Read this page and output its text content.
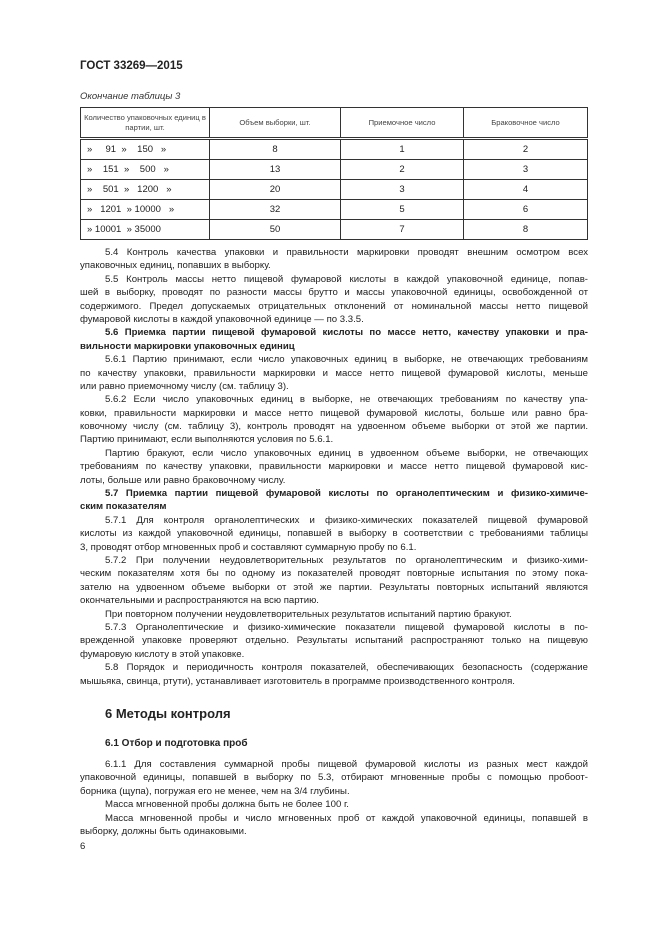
ГОСТ 33269—2015
Окончание таблицы 3
Количество упаковочных единиц в партии, шт.	Объем выборки, шт.	Приемочное число	Браковочное число
»     91  »    150   »	8	1	2
»    151  »    500   »	13	2	3
»    501  »   1200   »	20	3	4
»   1201  » 10000   »	32	5	6
» 10001  » 35000	50	7	8
5.4 Контроль качества упаковки и правильности маркировки проводят внешним осмотром всех
упаковочных единиц, попавших в выборку.
5.5 Контроль массы нетто пищевой фумаровой кислоты в каждой упаковочной единице, попав-
шей в выборку, проводят по разности массы брутто и массы упаковочной единицы, освобожденной от
содержимого. Предел допускаемых отрицательных отклонений от номинальной массы нетто пищевой
фумаровой кислоты в каждой упаковочной единице — по 3.3.5.
5.6 Приемка партии пищевой фумаровой кислоты по массе нетто, качеству упаковки и пра-
вильности маркировки упаковочных единиц
5.6.1 Партию принимают, если число упаковочных единиц в выборке, не отвечающих требованиям
по качеству упаковки, правильности маркировки и массе нетто пищевой фумаровой кислоты, меньше
или равно приемочному числу (см. таблицу 3).
5.6.2 Если число упаковочных единиц в выборке, не отвечающих требованиям по качеству упа-
ковки, правильности маркировки и массе нетто пищевой фумаровой кислоты, больше или равно бра-
ковочному числу (см. таблицу 3), контроль проводят на удвоенном объеме выборки от этой же партии.
Партию принимают, если выполняются условия по 5.6.1.
Партию бракуют, если число упаковочных единиц в удвоенном объеме выборки, не отвечающих
требованиям по качеству упаковки, правильности маркировки и массе нетто пищевой фумаровой кис-
лоты, больше или равно браковочному числу.
5.7 Приемка партии пищевой фумаровой кислоты по органолептическим и физико-химиче-
ским показателям
5.7.1 Для контроля органолептических и физико-химических показателей пищевой фумаровой
кислоты из каждой упаковочной единицы, попавшей в выборку в соответствии с требованиями таблицы
3, проводят отбор мгновенных проб и составляют суммарную пробу по 6.1.
5.7.2 При получении неудовлетворительных результатов по органолептическим и физико-хими-
ческим показателям хотя бы по одному из показателей проводят повторные испытания по этому пока-
зателю на удвоенном объеме выборки от этой же партии. Результаты повторных испытаний являются
окончательными и распространяются на всю партию.
При повторном получении неудовлетворительных результатов испытаний партию бракуют.
5.7.3 Органолептические и физико-химические показатели пищевой фумаровой кислоты в по-
врежденной упаковке проверяют отдельно. Результаты испытаний распространяют только на пищевую
фумаровую кислоту в этой упаковке.
5.8 Порядок и периодичность контроля показателей, обеспечивающих безопасность (содержание
мышьяка, свинца, ртути), устанавливает изготовитель в программе производственного контроля.
6 Методы контроля
6.1 Отбор и подготовка проб
6.1.1 Для составления суммарной пробы пищевой фумаровой кислоты из разных мест каждой
упаковочной единицы, попавшей в выборку по 5.3, отбирают мгновенные пробы с помощью пробоот-
борника (щупа), погружая его не менее, чем на 3/4 глубины.
Масса мгновенной пробы должна быть не более 100 г.
Масса мгновенной пробы и число мгновенных проб от каждой упаковочной единицы, попавшей в
выборку, должны быть одинаковыми.
6
